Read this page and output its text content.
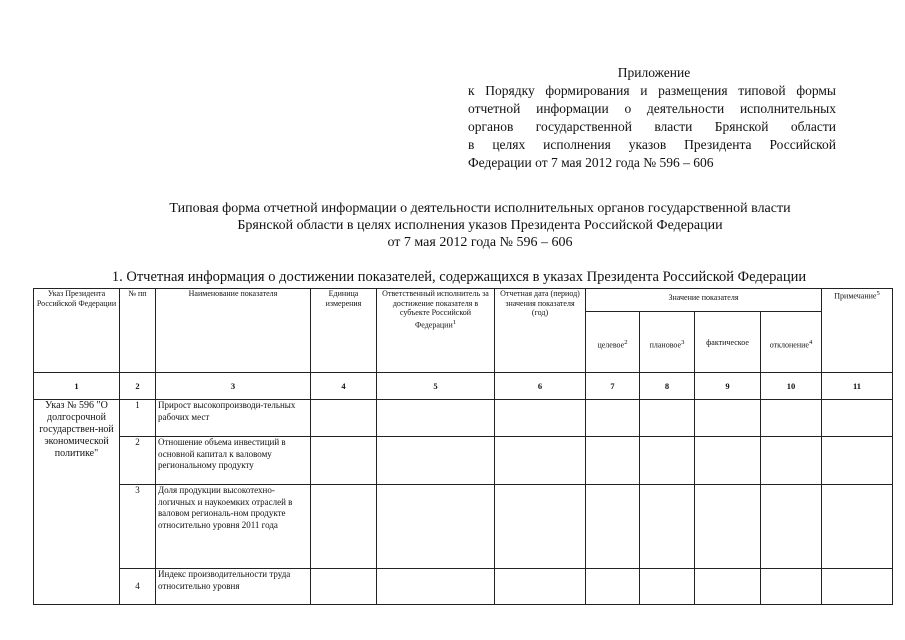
Приложение
к Порядку формирования и размещения типовой формы
отчетной информации о деятельности исполнительных
органов государственной власти Брянской области
в целях исполнения указов Президента Российской
Федерации от 7 мая 2012 года № 596 – 606
Типовая форма отчетной информации о деятельности исполнительных органов государственной власти
Брянской области в целях исполнения указов Президента Российской Федерации
от 7 мая 2012 года № 596 – 606
1. Отчетная информация о достижении показателей, содержащихся в указах Президента Российской Федерации
Указ Президента Российской Федерации	№ пп	Наименование показателя	Единица измерения	Ответственный исполнитель за достижение показателя в субъекте Российской Федерации$^1$	Отчетная дата (период) значения показателя (год)	Значение показателя				Примечание$^5$
						целевое$^2$	плановое$^3$	фактическое	отклонение$^4$
1	2	3	4	5	6	7	8	9	10	11
Указ № 596 "О долгосрочной государствен-ной экономической политике"	1	Прирост высокопроизводи-тельных рабочих мест								
	2	Отношение объема инвестиций в основной капитал к валовому региональному продукту								
	3	Доля продукции высокотехно-логичных и наукоемких отраслей в валовом региональ-ном продукте относительно уровня 2011 года								
	4	Индекс производительности труда относительно уровня								
